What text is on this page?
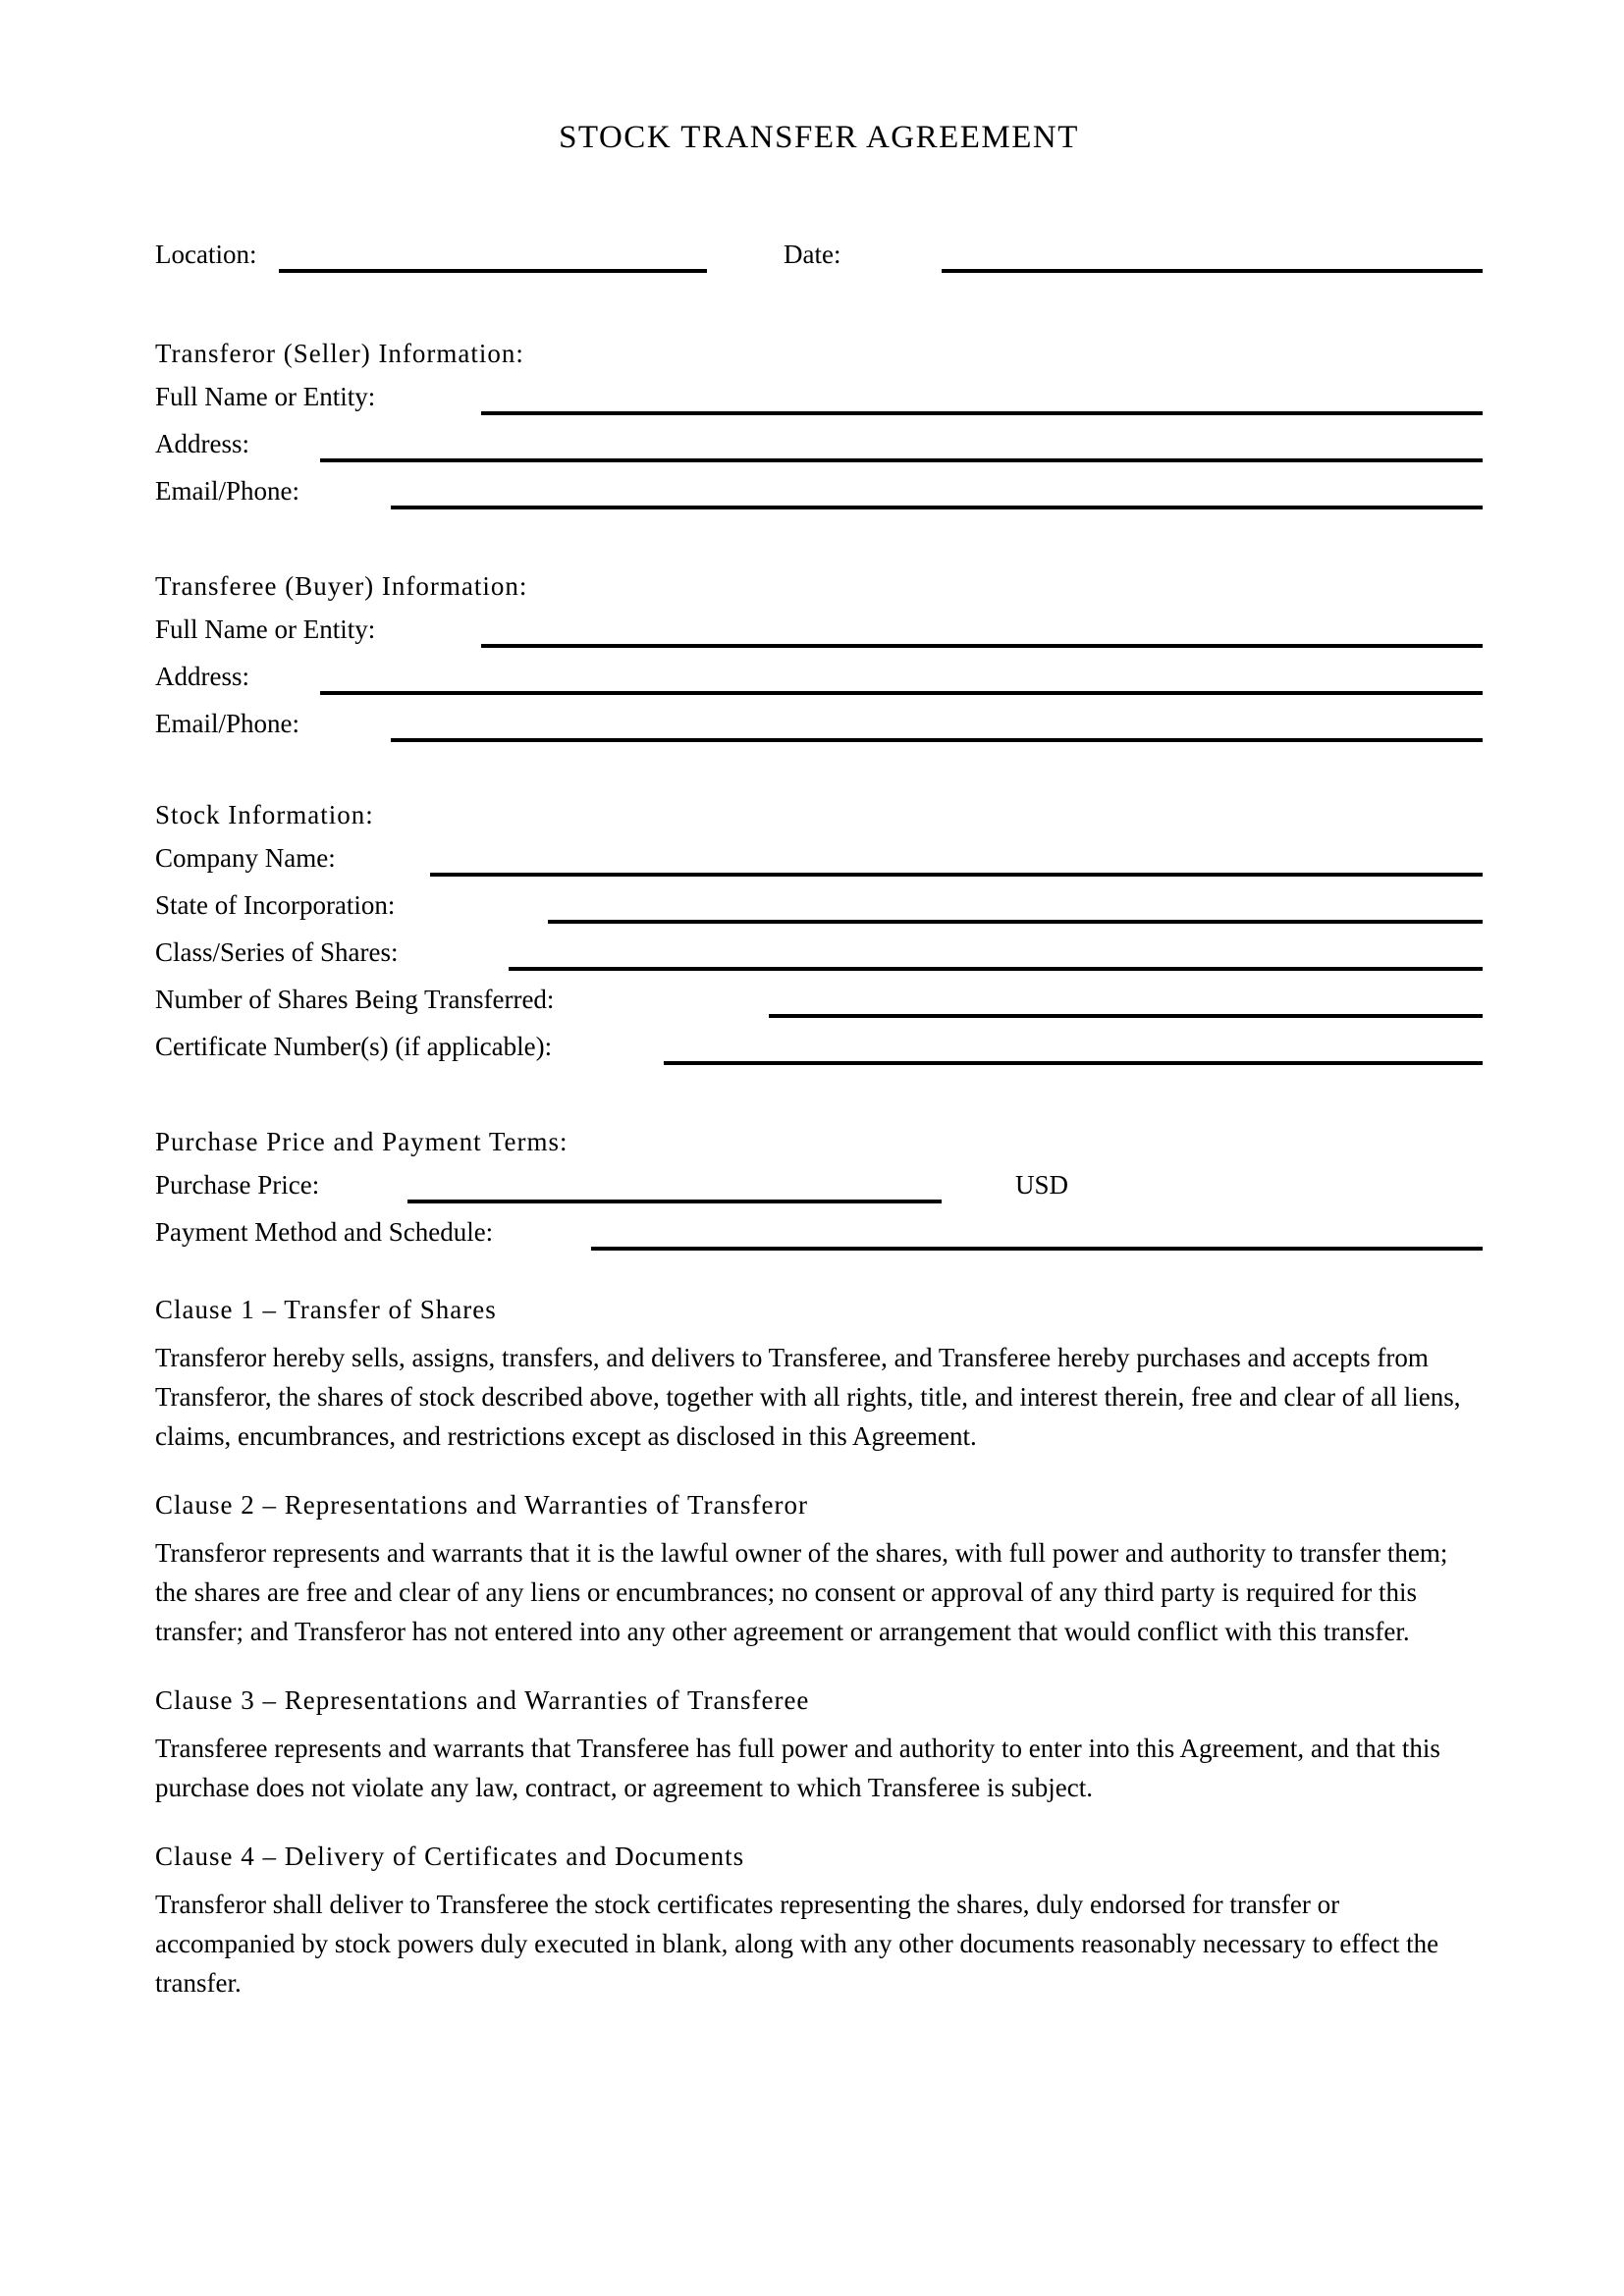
STOCK TRANSFER AGREEMENT
Location:	Date:
Transferor (Seller) Information:
Full Name or Entity:
Address:
Email/Phone:
Transferee (Buyer) Information:
Full Name or Entity:
Address:
Email/Phone:
Stock Information:
Company Name:
State of Incorporation:
Class/Series of Shares:
Number of Shares Being Transferred:
Certificate Number(s) (if applicable):
Purchase Price and Payment Terms:
Purchase Price:	USD
Payment Method and Schedule:
Clause 1 – Transfer of Shares
Transferor hereby sells, assigns, transfers, and delivers to Transferee, and Transferee hereby purchases and accepts from Transferor, the shares of stock described above, together with all rights, title, and interest therein, free and clear of all liens, claims, encumbrances, and restrictions except as disclosed in this Agreement.
Clause 2 – Representations and Warranties of Transferor
Transferor represents and warrants that it is the lawful owner of the shares, with full power and authority to transfer them; the shares are free and clear of any liens or encumbrances; no consent or approval of any third party is required for this transfer; and Transferor has not entered into any other agreement or arrangement that would conflict with this transfer.
Clause 3 – Representations and Warranties of Transferee
Transferee represents and warrants that Transferee has full power and authority to enter into this Agreement, and that this purchase does not violate any law, contract, or agreement to which Transferee is subject.
Clause 4 – Delivery of Certificates and Documents
Transferor shall deliver to Transferee the stock certificates representing the shares, duly endorsed for transfer or accompanied by stock powers duly executed in blank, along with any other documents reasonably necessary to effect the transfer.
